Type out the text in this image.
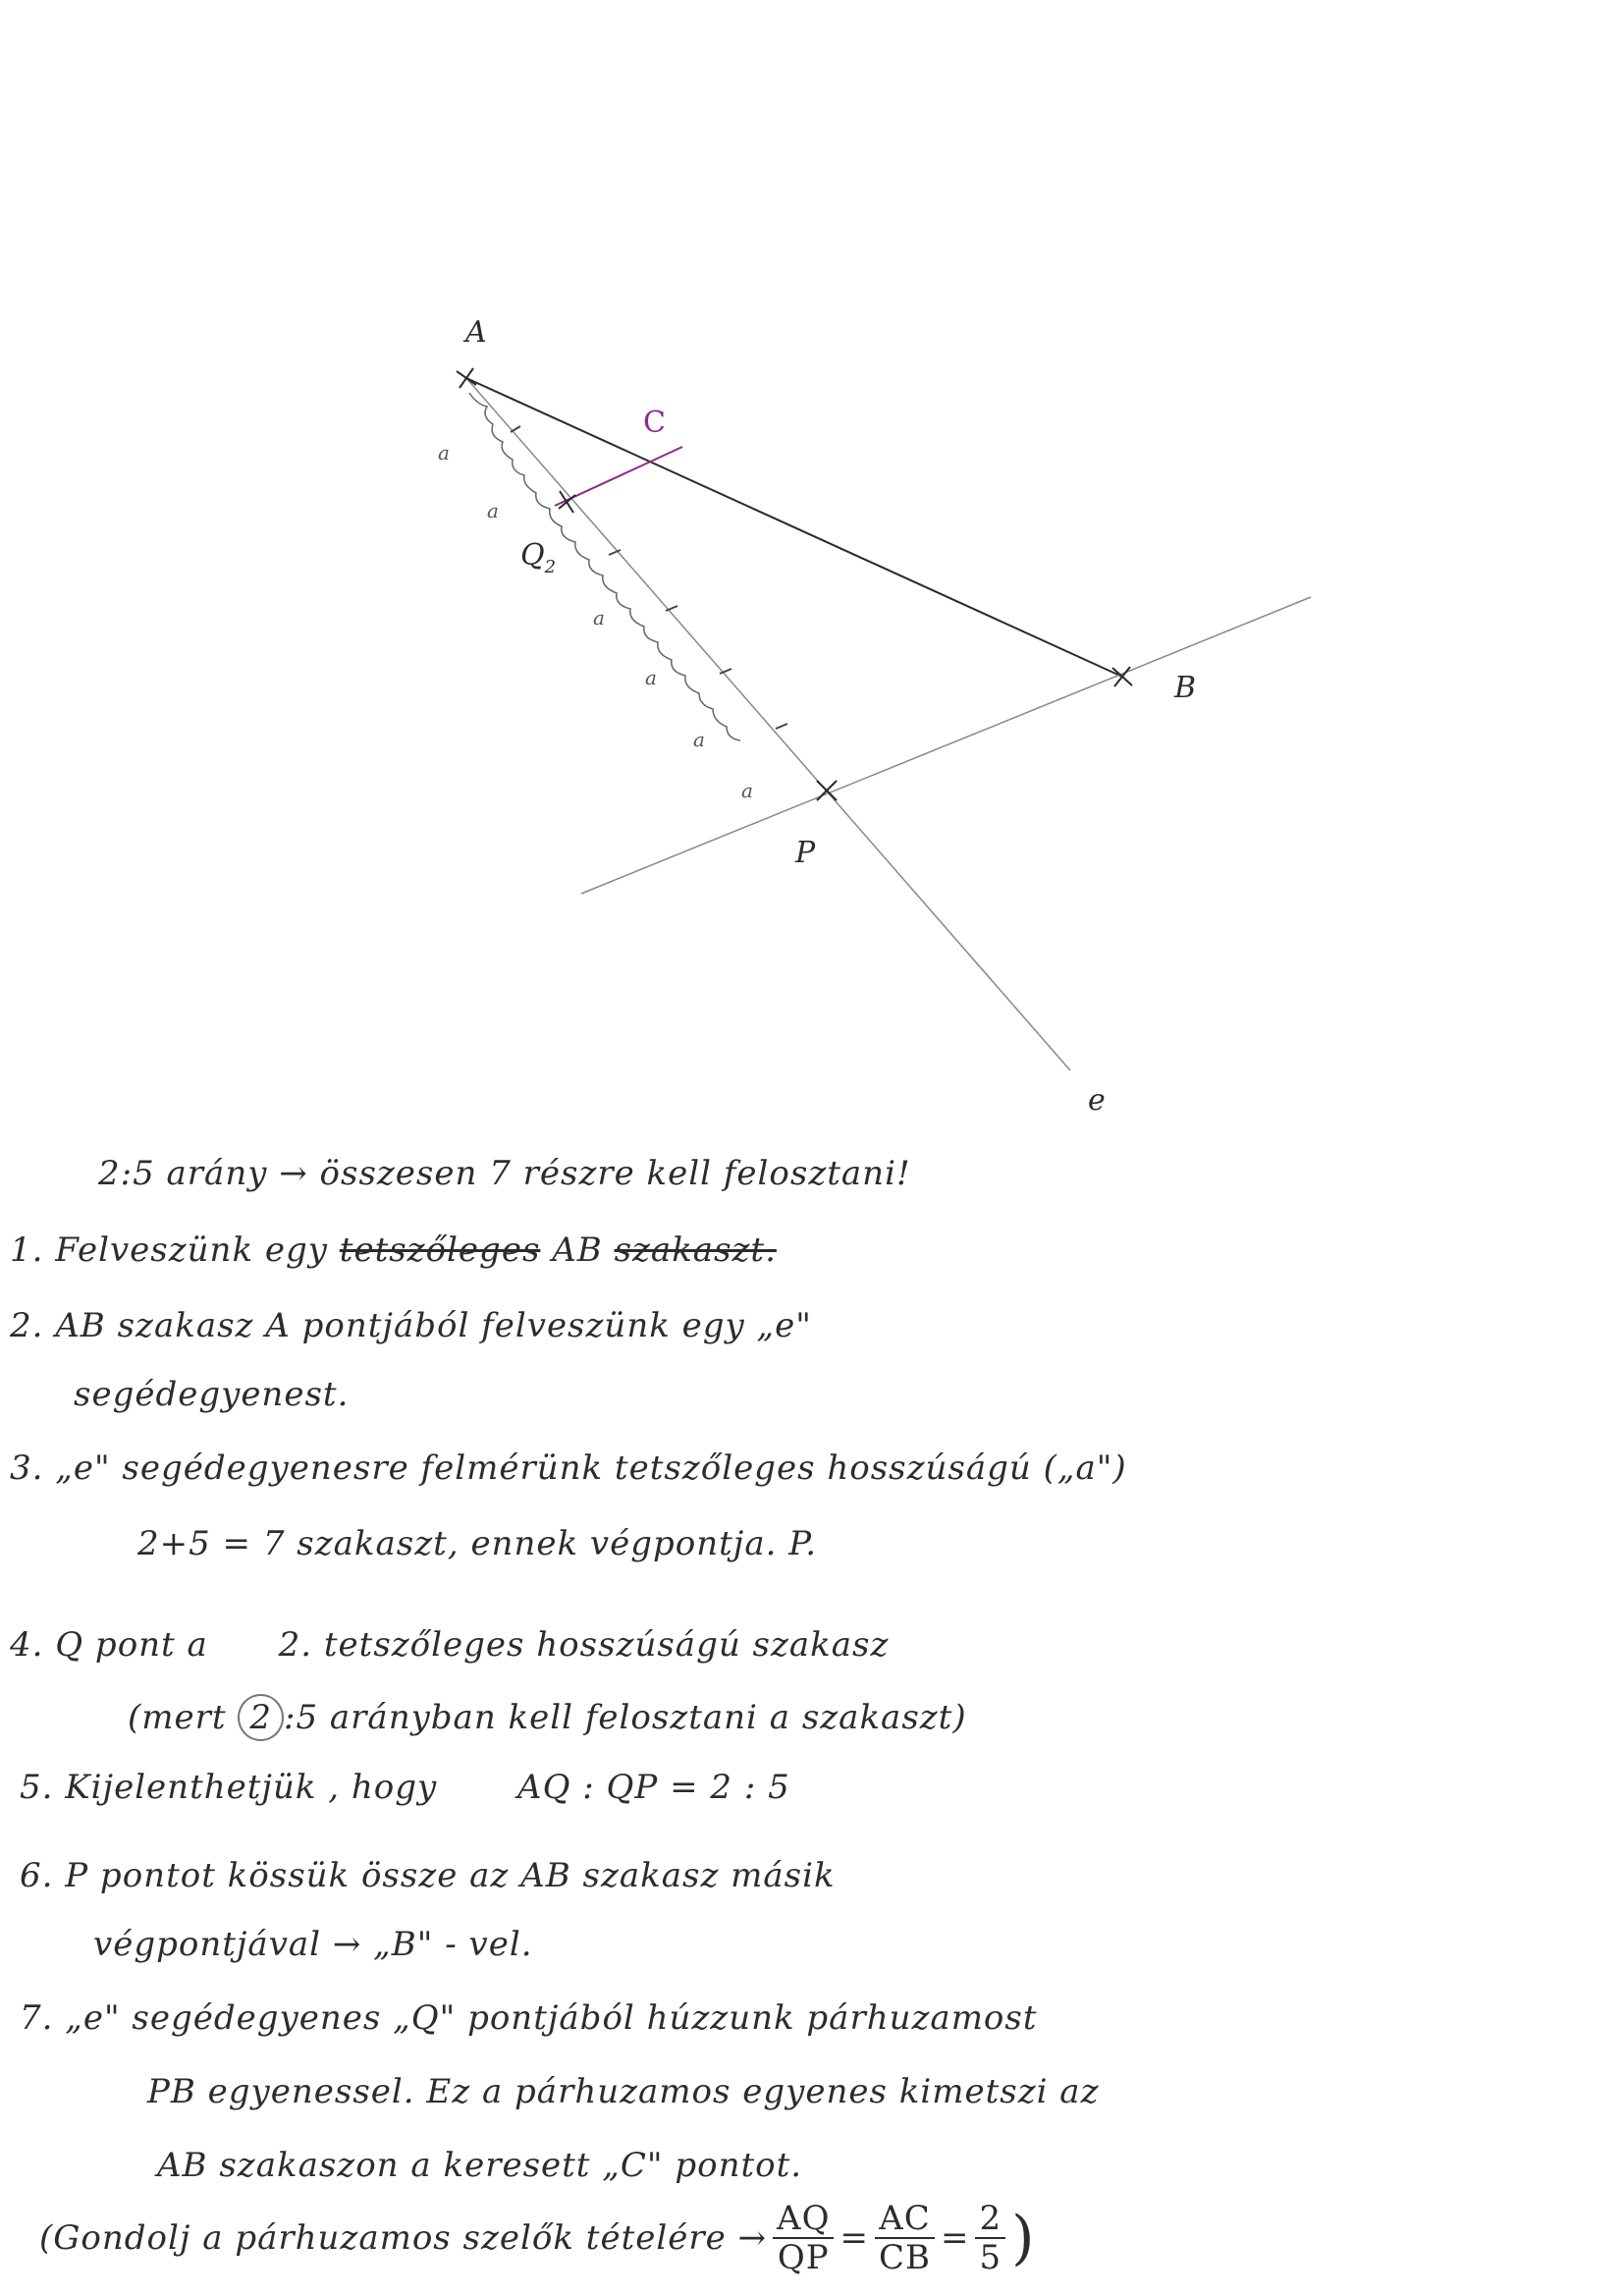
A
B
C
$Q_2$
P
e
a
a
a
a
a
a
2:5 arány → összesen 7 részre kell felosztani!
1. Felveszünk egy tetszőleges AB szakaszt.
2. AB szakasz A pontjából felveszünk egy „e"
segédegyenest.
3. „e" segédegyenesre felmérünk tetszőleges hosszúságú („a")
2+5 = 7 szakaszt, ennek végpontja. P.
4. Q pont a 2. tetszőleges hosszúságú szakasz
(mert 2 :5 arányban kell felosztani a szakaszt)
5. Kijelenthetjük , hogy AQ : QP = 2 : 5
6. P pontot kössük össze az AB szakasz másik
végpontjával → „B" - vel.
7. „e" segédegyenes „Q" pontjából húzzunk párhuzamost
PB egyenessel. Ez a párhuzamos egyenes kimetszi az
AB szakaszon a keresett „C" pontot.
(Gondolj a párhuzamos szelők tételére → $\frac{AQ}{QP} = \frac{AC}{CB} = \frac{2}{5}$ )
